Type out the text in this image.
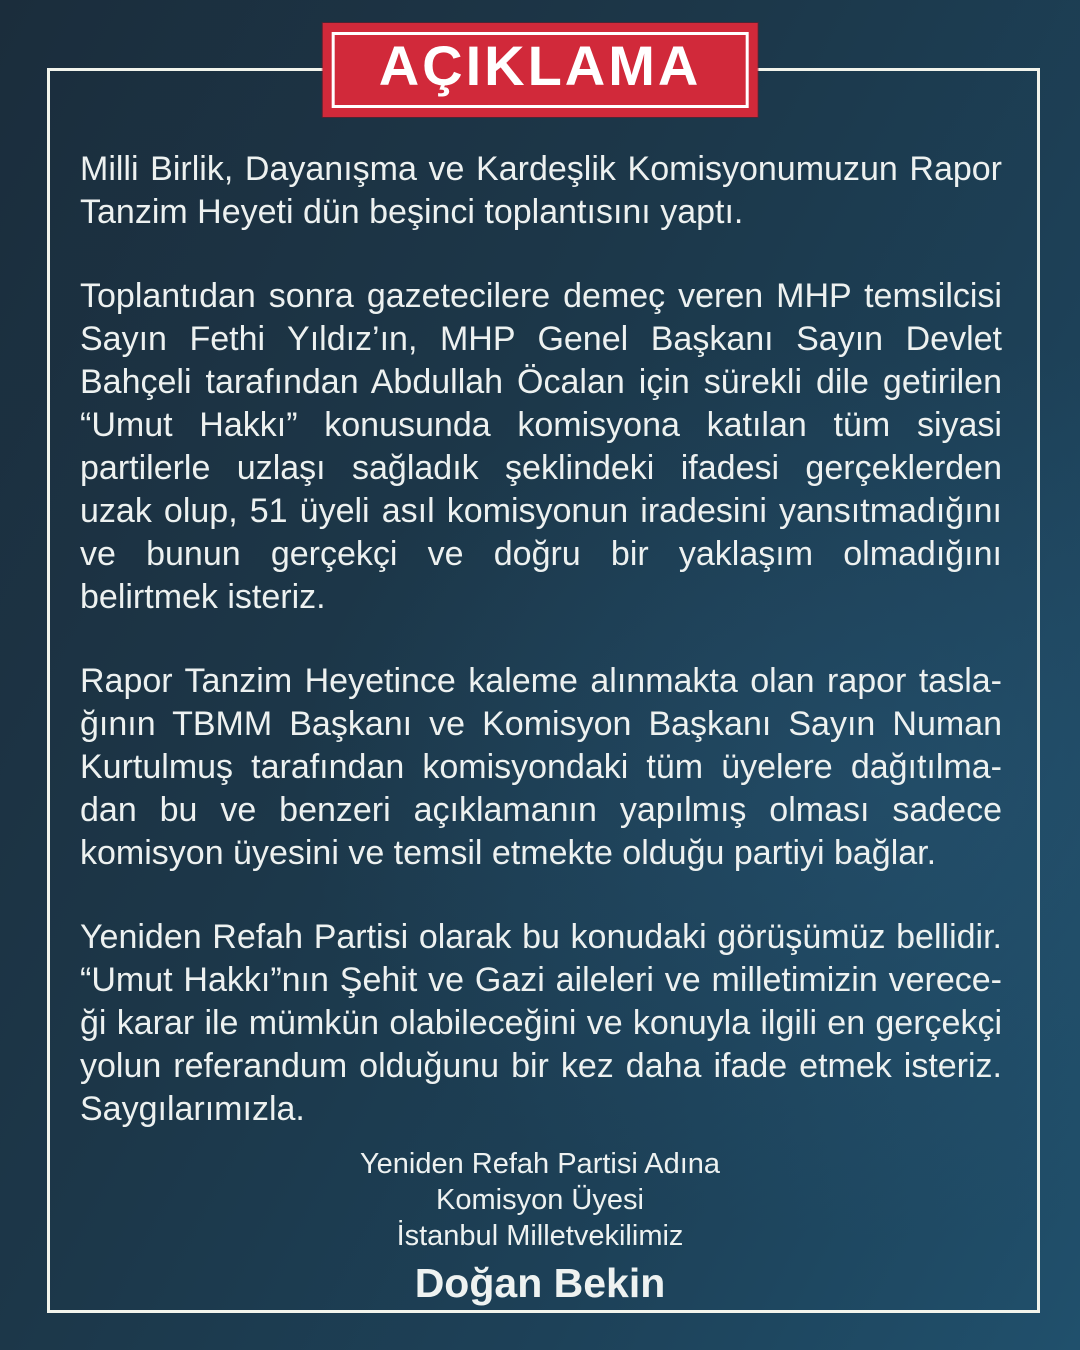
AÇIKLAMA
Milli Birlik, Dayanışma ve Kardeşlik Komisyonumuzun Rapor
Tanzim Heyeti dün beşinci toplantısını yaptı.
Toplantıdan sonra gazetecilere demeç veren MHP temsilcisi
Sayın Fethi Yıldız’ın, MHP Genel Başkanı Sayın Devlet
Bahçeli tarafından Abdullah Öcalan için sürekli dile getirilen
“Umut Hakkı” konusunda komisyona katılan tüm siyasi
partilerle uzlaşı sağladık şeklindeki ifadesi gerçeklerden
uzak olup, 51 üyeli asıl komisyonun iradesini yansıtmadığını
ve bunun gerçekçi ve doğru bir yaklaşım olmadığını
belirtmek isteriz.
Rapor Tanzim Heyetince kaleme alınmakta olan rapor tasla-
ğının TBMM Başkanı ve Komisyon Başkanı Sayın Numan
Kurtulmuş tarafından komisyondaki tüm üyelere dağıtılma-
dan bu ve benzeri açıklamanın yapılmış olması sadece
komisyon üyesini ve temsil etmekte olduğu partiyi bağlar.
Yeniden Refah Partisi olarak bu konudaki görüşümüz bellidir.
“Umut Hakkı”nın Şehit ve Gazi aileleri ve milletimizin verece-
ği karar ile mümkün olabileceğini ve konuyla ilgili en gerçekçi
yolun referandum olduğunu bir kez daha ifade etmek isteriz.
Saygılarımızla.
Yeniden Refah Partisi Adına
Komisyon Üyesi
İstanbul Milletvekilimiz
Doğan Bekin
